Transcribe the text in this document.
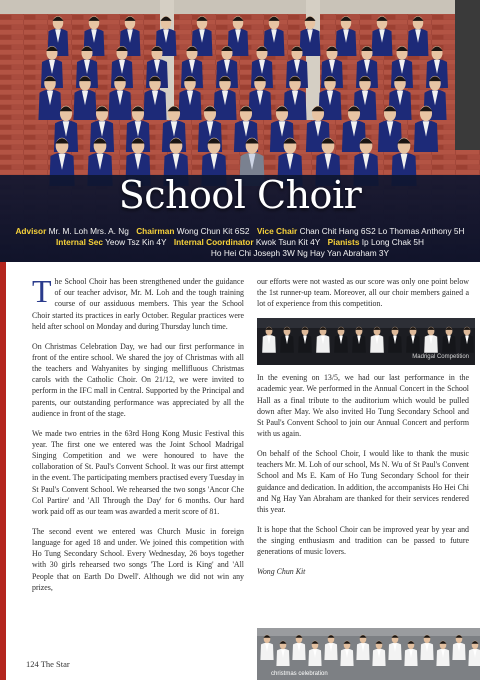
School Choir
Advisor Mr. M. Loh Mrs. A. Ng Chairman Wong Chun Kit 6S2 Vice Chair Chan Chit Hang 6S2 Lo Thomas Anthony 5H
Internal Sec Yeow Tsz Kin 4Y Internal Coordinator Kwok Tsun Kit 4Y Pianists Ip Long Chak 5H
Ho Hei Chi Joseph 3W Ng Hay Yan Abraham 3Y

The School Choir has been strengthened under the guidance of our teacher advisor, Mr. M. Loh and the tough training course of our assiduous members. This year the School Choir started its practices in early October. Regular practices were held after school on Monday and during Thursday lunch time.

On Christmas Celebration Day, we had our first performance in front of the entire school. We shared the joy of Christmas with all the teachers and Wahyanites by singing mellifluous Christmas carols with the Catholic Choir. On 21/12, we were invited to perform in the IFC mall in Central. Supported by the Principal and parents, our outstanding performance was appreciated by all the audience in front of the stage.

We made two entries in the 63rd Hong Kong Music Festival this year. The first one we entered was the Joint School Madrigal Singing Competition and we were honoured to have the collaboration of St. Paul's Convent School. It was our first attempt in the event. The participating members practised every Tuesday in St Paul's Convent School. We rehearsed the two songs 'Ancor Che Col Partire' and 'All Through the Day' for 6 months. Our hard work paid off as our team was awarded a merit score of 81.

The second event we entered was Church Music in foreign language for aged 18 and under. We joined this competition with Ho Tung Secondary School. Every Wednesday, 26 boys together with 30 girls rehearsed two songs 'The Lord is King' and 'All People that on Earth Do Dwell'. Although we did not win any prizes,

our efforts were not wasted as our score was only one point below the 1st runner-up team. Moreover, all our choir members gained a lot of experience from this competition.

Madrigal Competition

In the evening on 13/5, we had our last performance in the academic year. We performed in the Annual Concert in the School Hall as a final tribute to the auditorium which would be pulled down after May. We also invited Ho Tung Secondary School and St Paul's Convent School to join our Annual Concert and perform with us again.

On behalf of the School Choir, I would like to thank the music teachers Mr. M. Loh of our school, Ms N. Wu of St Paul's Convent School and Ms E. Kam of Ho Tung Secondary School for their guidance and dedication. In addition, the accompanists Ho Hei Chi and Ng Hay Yan Abraham are thanked for their services rendered this year.

It is hope that the School Choir can be improved year by year and the singing enthusiasm and tradition can be passed to future generations of music lovers.

Wong Chun Kit

christmas celebration
124 The Star
